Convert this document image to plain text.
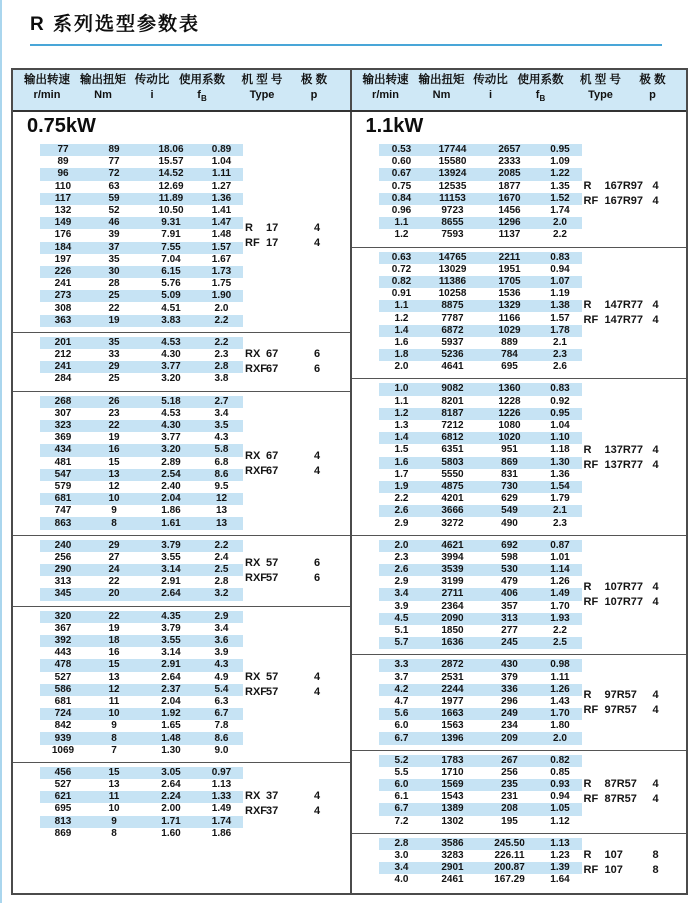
R 系列选型参数表
输出转速
r/min
输出扭矩
Nm
传动比
i
使用系数
$f_B$
机 型 号
Type
极 数
p
输出转速
r/min
输出扭矩
Nm
传动比
i
使用系数
$f_B$
机 型 号
Type
极 数
p
0.75kW
77	89	18.06	0.89
89	77	15.57	1.04
96	72	14.52	1.11
110	63	12.69	1.27
117	59	11.89	1.36
132	52	10.50	1.41
149	46	9.31	1.47
176	39	7.91	1.48
184	37	7.55	1.57
197	35	7.04	1.67
226	30	6.15	1.73
241	28	5.76	1.75
273	25	5.09	1.90
308	22	4.51	2.0
363	19	3.83	2.2
R 17	4
RF 17	4
201	35	4.53	2.2
212	33	4.30	2.3
241	29	3.77	2.8
284	25	3.20	3.8
RX 67	6
RXF67	6
268	26	5.18	2.7
307	23	4.53	3.4
323	22	4.30	3.5
369	19	3.77	4.3
434	16	3.20	5.8
481	15	2.89	6.8
547	13	2.54	8.6
579	12	2.40	9.5
681	10	2.04	12
747	9	1.86	13
863	8	1.61	13
RX 67	4
RXF67	4
240	29	3.79	2.2
256	27	3.55	2.4
290	24	3.14	2.5
313	22	2.91	2.8
345	20	2.64	3.2
RX 57	6
RXF57	6
320	22	4.35	2.9
367	19	3.79	3.4
392	18	3.55	3.6
443	16	3.14	3.9
478	15	2.91	4.3
527	13	2.64	4.9
586	12	2.37	5.4
681	11	2.04	6.3
724	10	1.92	6.7
842	9	1.65	7.8
939	8	1.48	8.6
1069	7	1.30	9.0
RX 57	4
RXF57	4
456	15	3.05	0.97
527	13	2.64	1.13
621	11	2.24	1.33
695	10	2.00	1.49
813	9	1.71	1.74
869	8	1.60	1.86
RX 37	4
RXF37	4
1.1kW
0.53	17744	2657	0.95
0.60	15580	2333	1.09
0.67	13924	2085	1.22
0.75	12535	1877	1.35
0.84	11153	1670	1.52
0.96	9723	1456	1.74
1.1	8655	1296	2.0
1.2	7593	1137	2.2
R 167R97 4
RF 167R97 4
0.63	14765	2211	0.83
0.72	13029	1951	0.94
0.82	11386	1705	1.07
0.91	10258	1536	1.19
1.1	8875	1329	1.38
1.2	7787	1166	1.57
1.4	6872	1029	1.78
1.6	5937	889	2.1
1.8	5236	784	2.3
2.0	4641	695	2.6
R 147R77 4
RF 147R77 4
1.0	9082	1360	0.83
1.1	8201	1228	0.92
1.2	8187	1226	0.95
1.3	7212	1080	1.04
1.4	6812	1020	1.10
1.5	6351	951	1.18
1.6	5803	869	1.30
1.7	5550	831	1.36
1.9	4875	730	1.54
2.2	4201	629	1.79
2.6	3666	549	2.1
2.9	3272	490	2.3
R 137R77 4
RF 137R77 4
2.0	4621	692	0.87
2.3	3994	598	1.01
2.6	3539	530	1.14
2.9	3199	479	1.26
3.4	2711	406	1.49
3.9	2364	357	1.70
4.5	2090	313	1.93
5.1	1850	277	2.2
5.7	1636	245	2.5
R 107R77 4
RF 107R77 4
3.3	2872	430	0.98
3.7	2531	379	1.11
4.2	2244	336	1.26
4.7	1977	296	1.43
5.6	1663	249	1.70
6.0	1563	234	1.80
6.7	1396	209	2.0
R 97R57 4
RF 97R57 4
5.2	1783	267	0.82
5.5	1710	256	0.85
6.0	1569	235	0.93
6.1	1543	231	0.94
6.7	1389	208	1.05
7.2	1302	195	1.12
R 87R57 4
RF 87R57 4
2.8	3586	245.50	1.13
3.0	3283	226.11	1.23
3.4	2901	200.87	1.39
4.0	2461	167.29	1.64
R 107	8
RF 107	8
